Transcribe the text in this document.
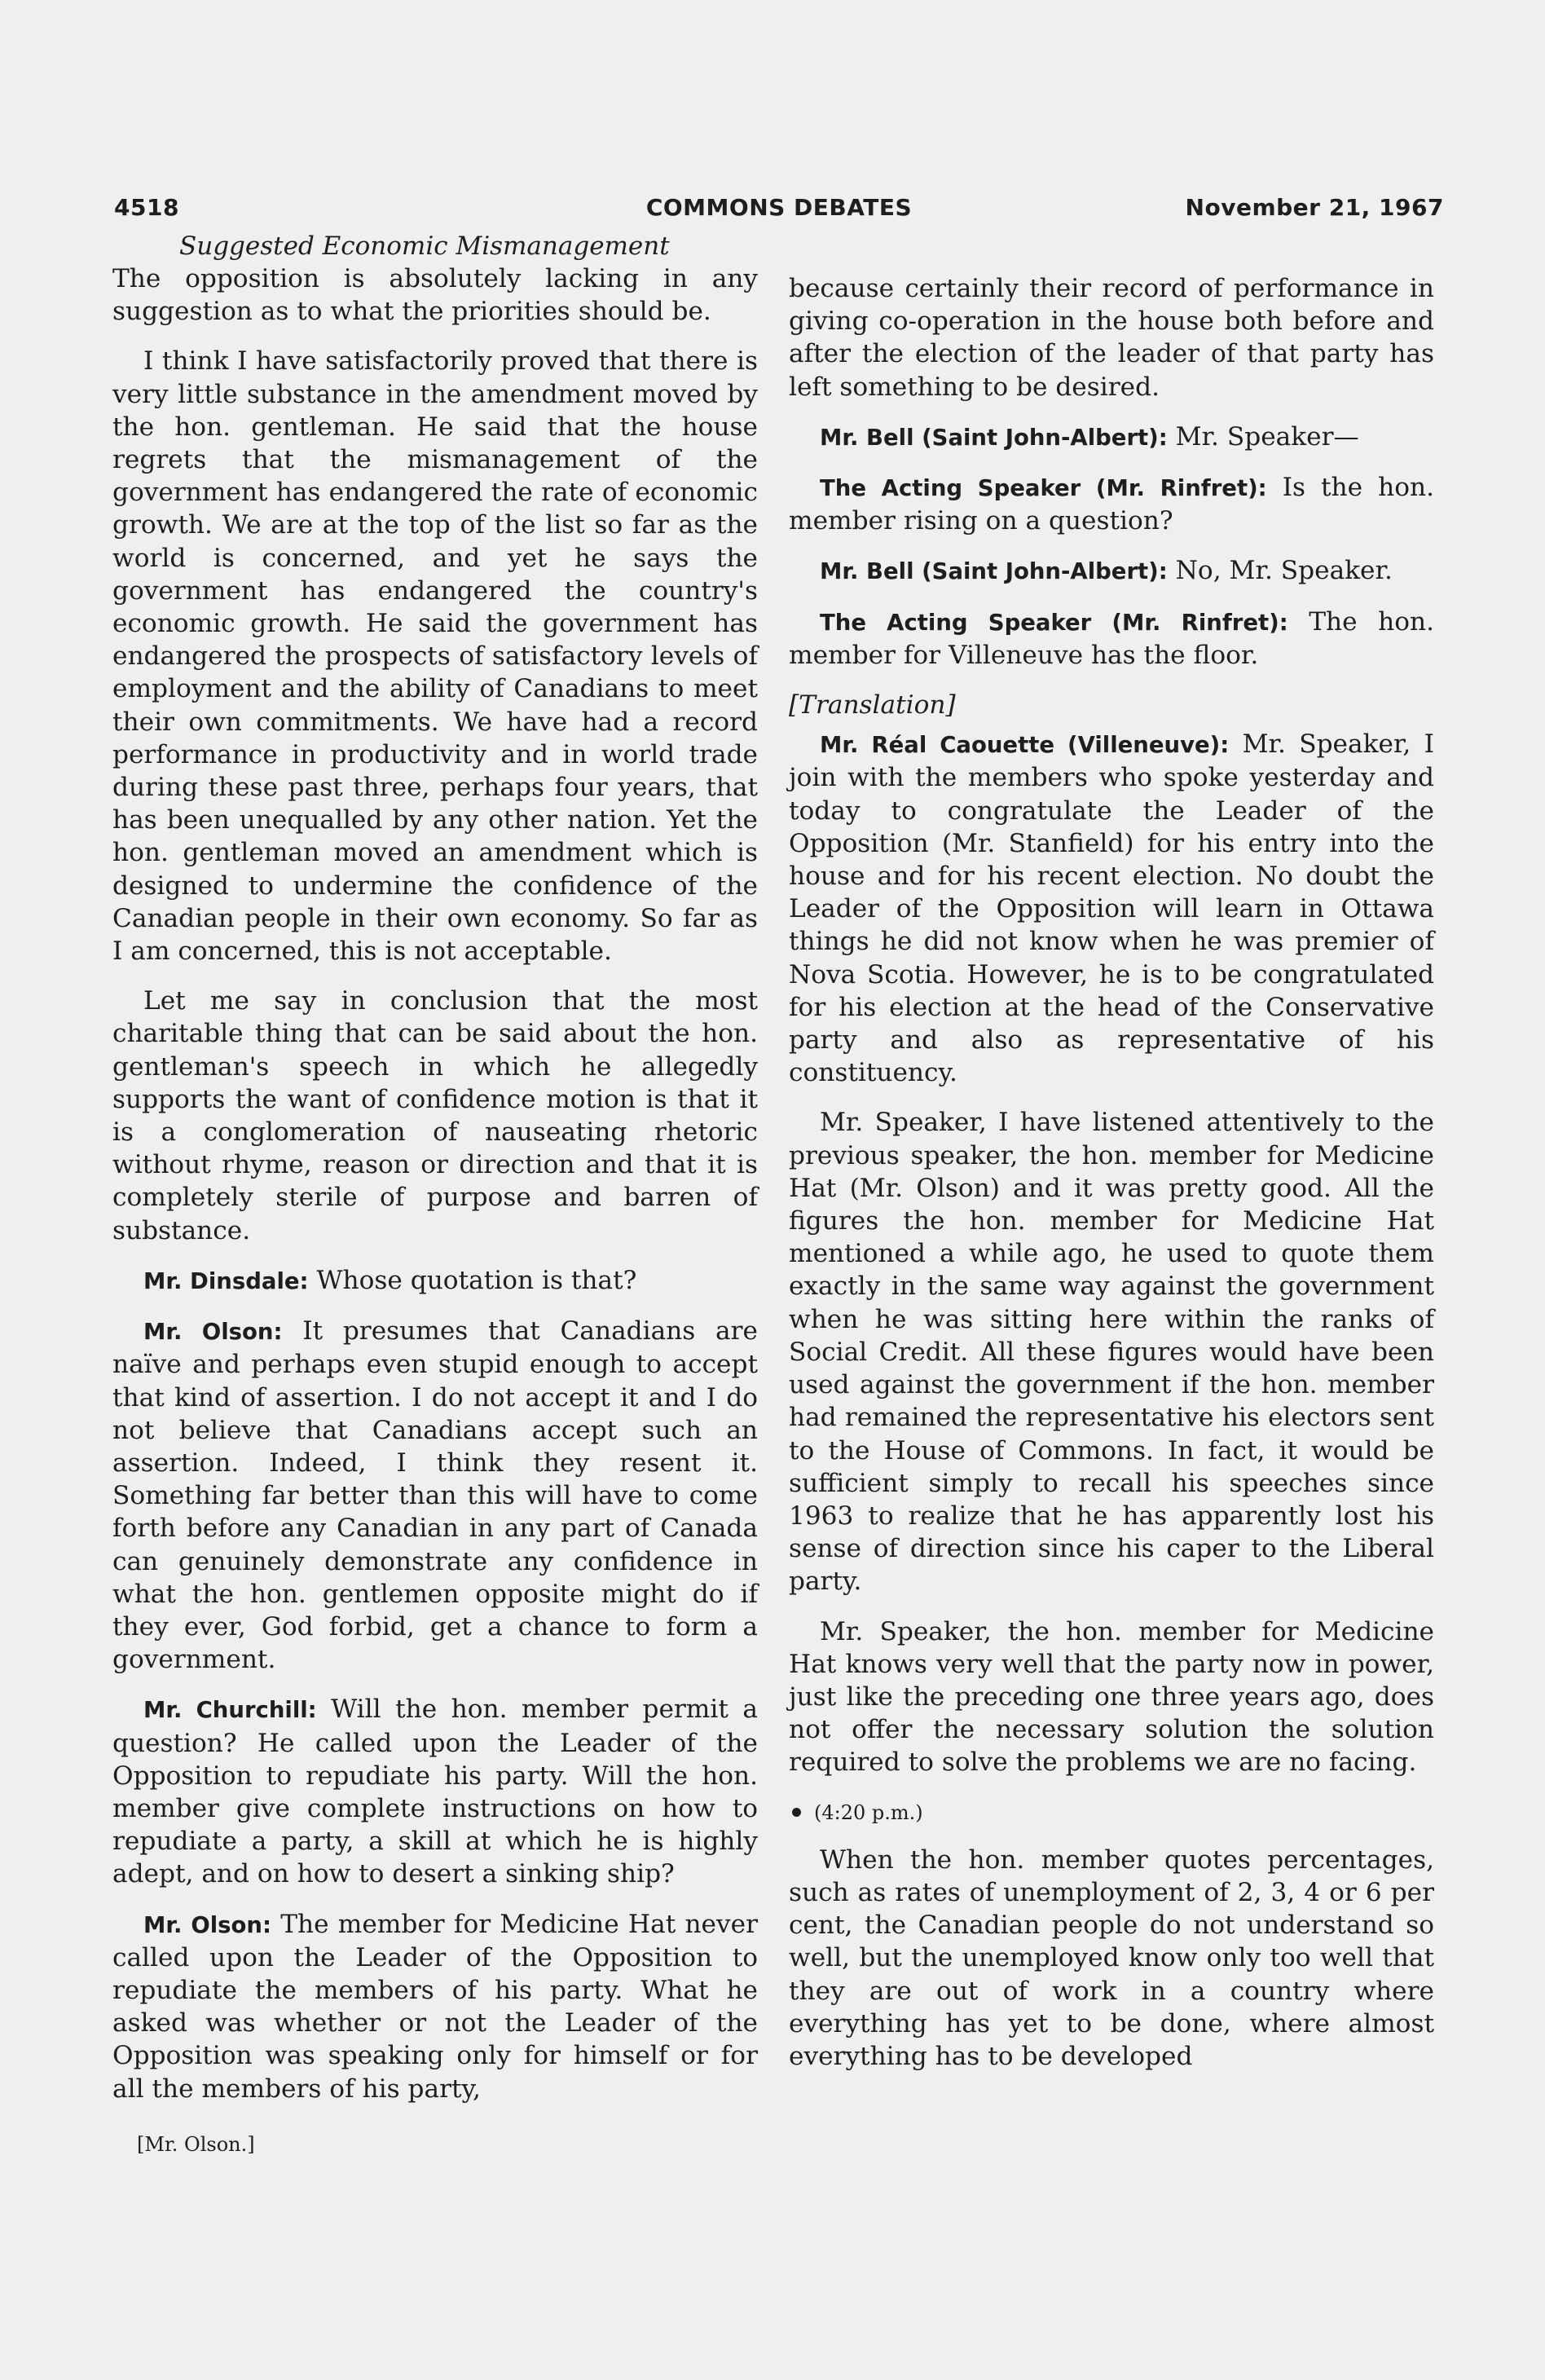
4518	COMMONS DEBATES	November 21, 1967
Suggested Economic Mismanagement

The opposition is absolutely lacking in any suggestion as to what the priorities should be.

I think I have satisfactorily proved that there is very little substance in the amendment moved by the hon. gentleman. He said that the house regrets that the mismanagement of the government has endangered the rate of economic growth. We are at the top of the list so far as the world is concerned, and yet he says the government has endangered the country's economic growth. He said the government has endangered the prospects of satisfactory levels of employment and the ability of Canadians to meet their own commitments. We have had a record performance in productivity and in world trade during these past three, perhaps four years, that has been unequalled by any other nation. Yet the hon. gentleman moved an amendment which is designed to undermine the confidence of the Canadian people in their own economy. So far as I am concerned, this is not acceptable.

Let me say in conclusion that the most charitable thing that can be said about the hon. gentleman's speech in which he allegedly supports the want of confidence motion is that it is a conglomeration of nauseating rhetoric without rhyme, reason or direction and that it is completely sterile of purpose and barren of substance.

Mr. Dinsdale: Whose quotation is that?

Mr. Olson: It presumes that Canadians are naïve and perhaps even stupid enough to accept that kind of assertion. I do not accept it and I do not believe that Canadians accept such an assertion. Indeed, I think they resent it. Something far better than this will have to come forth before any Canadian in any part of Canada can genuinely demonstrate any confidence in what the hon. gentlemen opposite might do if they ever, God forbid, get a chance to form a government.

Mr. Churchill: Will the hon. member permit a question? He called upon the Leader of the Opposition to repudiate his party. Will the hon. member give complete instructions on how to repudiate a party, a skill at which he is highly adept, and on how to desert a sinking ship?

Mr. Olson: The member for Medicine Hat never called upon the Leader of the Opposition to repudiate the members of his party. What he asked was whether or not the Leader of the Opposition was speaking only for himself or for all the members of his party,

[Mr. Olson.]

because certainly their record of performance in giving co-operation in the house both before and after the election of the leader of that party has left something to be desired.

Mr. Bell (Saint John-Albert): Mr. Speaker—

The Acting Speaker (Mr. Rinfret): Is the hon. member rising on a question?

Mr. Bell (Saint John-Albert): No, Mr. Speaker.

The Acting Speaker (Mr. Rinfret): The hon. member for Villeneuve has the floor.

[Translation]

Mr. Réal Caouette (Villeneuve): Mr. Speaker, I join with the members who spoke yesterday and today to congratulate the Leader of the Opposition (Mr. Stanfield) for his entry into the house and for his recent election. No doubt the Leader of the Opposition will learn in Ottawa things he did not know when he was premier of Nova Scotia. However, he is to be congratulated for his election at the head of the Conservative party and also as representative of his constituency.

Mr. Speaker, I have listened attentively to the previous speaker, the hon. member for Medicine Hat (Mr. Olson) and it was pretty good. All the figures the hon. member for Medicine Hat mentioned a while ago, he used to quote them exactly in the same way against the government when he was sitting here within the ranks of Social Credit. All these figures would have been used against the government if the hon. member had remained the representative his electors sent to the House of Commons. In fact, it would be sufficient simply to recall his speeches since 1963 to realize that he has apparently lost his sense of direction since his caper to the Liberal party.

Mr. Speaker, the hon. member for Medicine Hat knows very well that the party now in power, just like the preceding one three years ago, does not offer the necessary solution the solution required to solve the problems we are no facing.

(4:20 p.m.)

When the hon. member quotes percentages, such as rates of unemployment of 2, 3, 4 or 6 per cent, the Canadian people do not understand so well, but the unemployed know only too well that they are out of work in a country where everything has yet to be done, where almost everything has to be developed
